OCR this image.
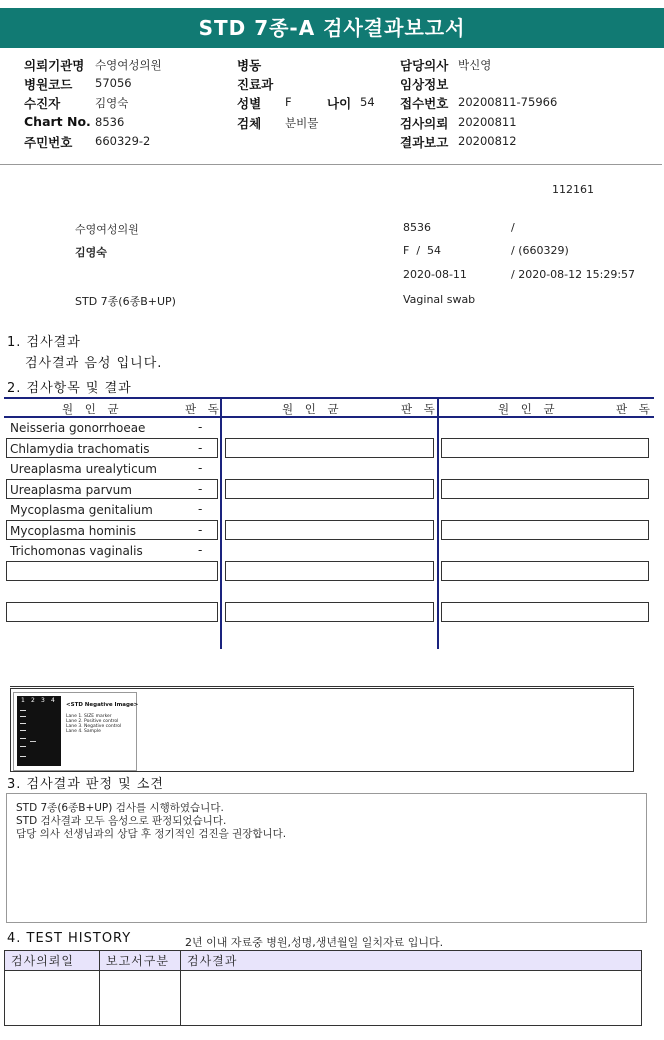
STD 7종-A 검사결과보고서
의뢰기관명 수영여성의원
병원코드 57056
수진자	김영숙
Chart No. 8536
주민번호 660329-2
병동
진료과
성별 F	나이 54
검체 분비물
담당의사 박신영
임상정보
접수번호 20200811-75966
검사의뢰 20200811
결과보고 20200812
112161
수영여성의원	8536	/
김영숙	F  /  54	/ (660329)
2020-08-11	/ 2020-08-12 15:29:57
STD 7종(6종B+UP)	Vaginal swab
1. 검사결과
검사결과 음성 입니다.
2. 검사항목 및 결과
원 인 균	판 독	원 인 균	판 독	원 인 균	판 독
Neisseria gonorrhoeae	-
Chlamydia trachomatis	-
Ureaplasma urealyticum	-
Ureaplasma parvum	-
Mycoplasma genitalium	-
Mycoplasma hominis	-
Trichomonas vaginalis	-
1 2 3 4
<STD Negative Image>
Lane 1. SIZE marker
Lane 2. Positive control
Lane 3. Negative control
Lane 4. Sample
3. 검사결과 판정 및 소견
STD 7종(6종B+UP) 검사를 시행하였습니다.
STD 검사결과 모두 음성으로 판정되었습니다.
담당 의사 선생님과의 상담 후 정기적인 검진을 권장합니다.
4. TEST HISTORY	2년 이내 자료중 병원,성명,생년월일 일치자료 입니다.
검사의뢰일	보고서구분	검사결과
